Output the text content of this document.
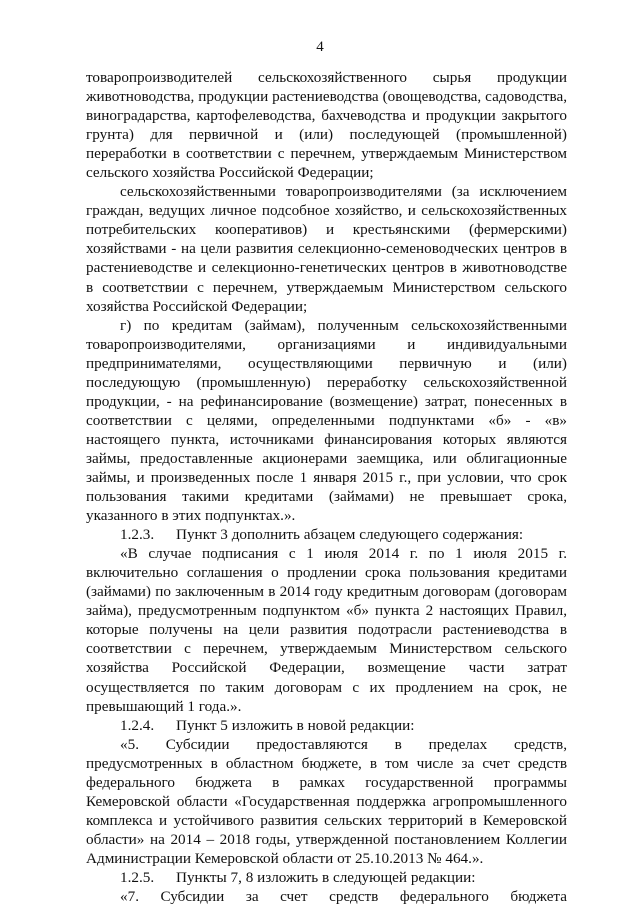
4

товаропроизводителей сельскохозяйственного сырья продукции животноводства, продукции растениеводства (овощеводства, садоводства, виноградарства, картофелеводства, бахчеводства и продукции закрытого грунта) для первичной и (или) последующей (промышленной) переработки в соответствии с перечнем, утверждаемым Министерством сельского хозяйства Российской Федерации;

сельскохозяйственными товаропроизводителями (за исключением граждан, ведущих личное подсобное хозяйство, и сельскохозяйственных потребительских кооперативов) и крестьянскими (фермерскими) хозяйствами - на цели развития селекционно-семеноводческих центров в растениеводстве и селекционно-генетических центров в животноводстве в соответствии с перечнем, утверждаемым Министерством сельского хозяйства Российской Федерации;

г) по кредитам (займам), полученным сельскохозяйственными товаропроизводителями, организациями и индивидуальными предпринимателями, осуществляющими первичную и (или) последующую (промышленную) переработку сельскохозяйственной продукции, - на рефинансирование (возмещение) затрат, понесенных в соответствии с целями, определенными подпунктами «б» - «в» настоящего пункта, источниками финансирования которых являются займы, предоставленные акционерами заемщика, или облигационные займы, и произведенных после 1 января 2015 г., при условии, что срок пользования такими кредитами (займами) не превышает срока, указанного в этих подпунктах.».

1.2.3. Пункт 3 дополнить абзацем следующего содержания:

«В случае подписания с 1 июля 2014 г. по 1 июля 2015 г. включительно соглашения о продлении срока пользования кредитами (займами) по заключенным в 2014 году кредитным договорам (договорам займа), предусмотренным подпунктом «б» пункта 2 настоящих Правил, которые получены на цели развития подотрасли растениеводства в соответствии с перечнем, утверждаемым Министерством сельского хозяйства Российской Федерации, возмещение части затрат осуществляется по таким договорам с их продлением на срок, не превышающий 1 года.».

1.2.4. Пункт 5 изложить в новой редакции:

«5. Субсидии предоставляются в пределах средств, предусмотренных в областном бюджете, в том числе за счет средств федерального бюджета в рамках государственной программы Кемеровской области «Государственная поддержка агропромышленного комплекса и устойчивого развития сельских территорий в Кемеровской области» на 2014 – 2018 годы, утвержденной постановлением Коллегии Администрации Кемеровской области от 25.10.2013 № 464.».

1.2.5. Пункты 7, 8 изложить в следующей редакции:

«7. Субсидии за счет средств федерального бюджета
